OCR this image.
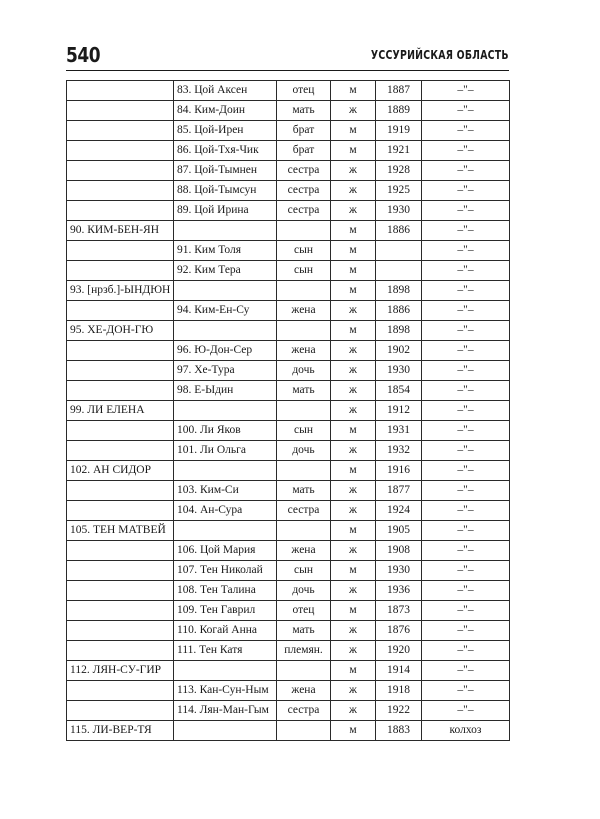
540	УССУРИЙСКАЯ ОБЛАСТЬ
	83. Цой Аксен	отец	м	1887	–"–
	84. Ким-Доин	мать	ж	1889	–"–
	85. Цой-Ирен	брат	м	1919	–"–
	86. Цой-Тхя-Чик	брат	м	1921	–"–
	87. Цой-Тымнен	сестра	ж	1928	–"–
	88. Цой-Тымсун	сестра	ж	1925	–"–
	89. Цой Ирина	сестра	ж	1930	–"–
90. КИМ-БЕН-ЯН			м	1886	–"–
	91. Ким Толя	сын	м		–"–
	92. Ким Тера	сын	м		–"–
93. [нрзб.]-ЫНДЮН			м	1898	–"–
	94. Ким-Ен-Су	жена	ж	1886	–"–
95. ХЕ-ДОН-ГЮ			м	1898	–"–
	96. Ю-Дон-Сер	жена	ж	1902	–"–
	97. Хе-Тура	дочь	ж	1930	–"–
	98. Е-Ыдин	мать	ж	1854	–"–
99. ЛИ ЕЛЕНА			ж	1912	–"–
	100. Ли Яков	сын	м	1931	–"–
	101. Ли Ольга	дочь	ж	1932	–"–
102. АН СИДОР			м	1916	–"–
	103. Ким-Си	мать	ж	1877	–"–
	104. Ан-Сура	сестра	ж	1924	–"–
105. ТЕН МАТВЕЙ			м	1905	–"–
	106. Цой Мария	жена	ж	1908	–"–
	107. Тен Николай	сын	м	1930	–"–
	108. Тен Талина	дочь	ж	1936	–"–
	109. Тен Гаврил	отец	м	1873	–"–
	110. Когай Анна	мать	ж	1876	–"–
	111. Тен Катя	племян.	ж	1920	–"–
112. ЛЯН-СУ-ГИР			м	1914	–"–
	113. Кан-Сун-Ным	жена	ж	1918	–"–
	114. Лян-Ман-Гым	сестра	ж	1922	–"–
115. ЛИ-ВЕР-ТЯ			м	1883	колхоз
